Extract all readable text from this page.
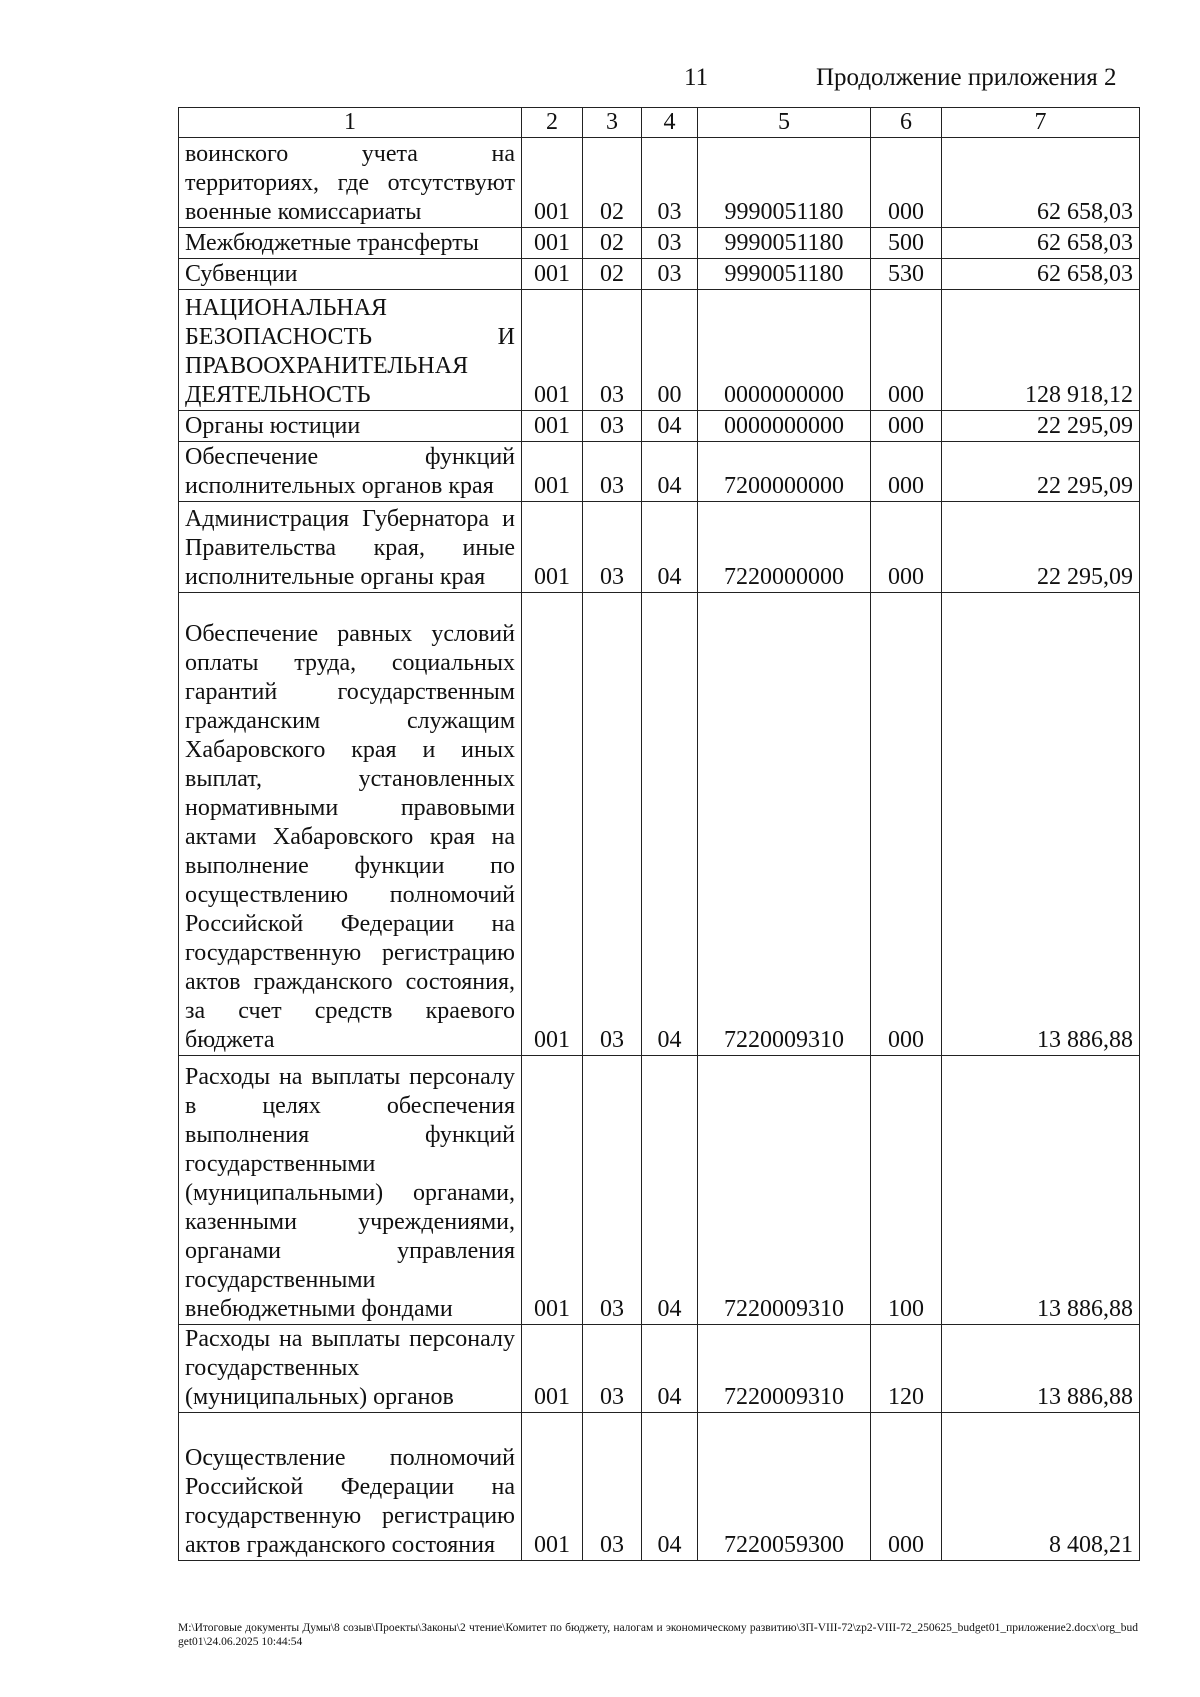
11	Продолжение приложения 2
1	2	3	4	5	6	7
воинского учета на территориях, где отсутствуют военные комиссариаты	001	02	03	9990051180	000	62 658,03
Межбюджетные трансферты	001	02	03	9990051180	500	62 658,03
Субвенции	001	02	03	9990051180	530	62 658,03
НАЦИОНАЛЬНАЯ БЕЗОПАСНОСТЬ И ПРАВООХРАНИТЕЛЬНАЯ ДЕЯТЕЛЬНОСТЬ	001	03	00	0000000000	000	128 918,12
Органы юстиции	001	03	04	0000000000	000	22 295,09
Обеспечение функций исполнительных органов края	001	03	04	7200000000	000	22 295,09
Администрация Губернатора и Правительства края, иные исполнительные органы края	001	03	04	7220000000	000	22 295,09
Обеспечение равных условий оплаты труда, социальных гарантий государственным гражданским служащим Хабаровского края и иных выплат, установленных нормативными правовыми актами Хабаровского края на выполнение функции по осуществлению полномочий Российской Федерации на государственную регистрацию актов гражданского состояния, за счет средств краевого бюджета	001	03	04	7220009310	000	13 886,88
Расходы на выплаты персоналу в целях обеспечения выполнения функций государственными (муниципальными) органами, казенными учреждениями, органами управления государственными внебюджетными фондами	001	03	04	7220009310	100	13 886,88
Расходы на выплаты персоналу государственных (муниципальных) органов	001	03	04	7220009310	120	13 886,88
Осуществление полномочий Российской Федерации на государственную регистрацию актов гражданского состояния	001	03	04	7220059300	000	8 408,21
M:\Итоговые документы Думы\8 созыв\Проекты\Законы\2 чтение\Комитет по бюджету, налогам и экономическому развитию\ЗП-VIII-72\zp2-VIII-72_250625_budget01_приложение2.docx\org_budget01\24.06.2025 10:44:54
